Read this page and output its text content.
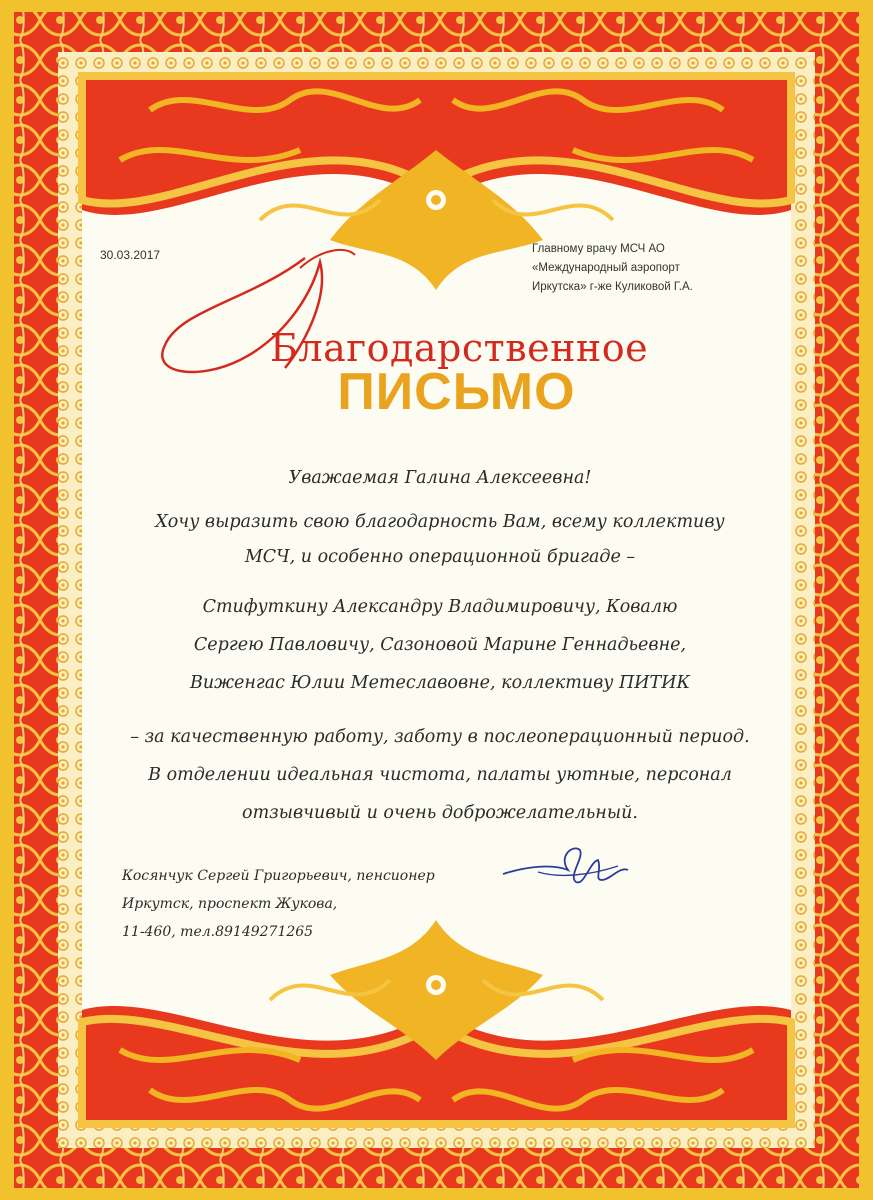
30.03.2017	Главному врачу МСЧ АО
«Международный аэропорт
Иркутска» г-же Куликовой Г.А.
Благодарственное
ПИСЬМО
Уважаемая Галина Алексеевна!
Хочу выразить свою благодарность Вам, всему коллективу
МСЧ, и особенно операционной бригаде –
Стифуткину Александру Владимировичу, Ковалю
Сергею Павловичу, Сазоновой Марине Геннадьевне,
Виженгас Юлии Метеславовне, коллективу ПИТИК
– за качественную работу, заботу в послеоперационный период.
В отделении идеальная чистота, палаты уютные, персонал
отзывчивый и очень доброжелательный.
Косянчук Сергей Григорьевич, пенсионер
Иркутск, проспект Жукова,
11-460, тел.89149271265
